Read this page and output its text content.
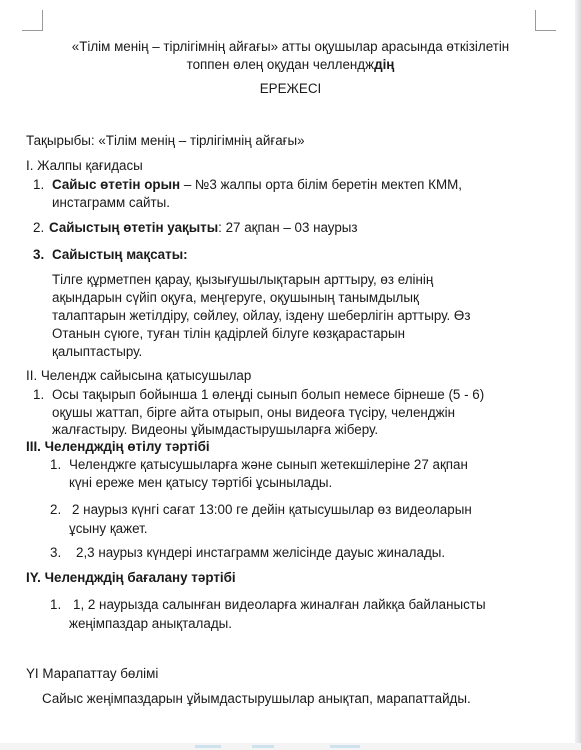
«Тілім менің – тірлігімнің айғағы» атты оқушылар арасында өткізілетін
топпен өлең оқудан челлендждің
ЕРЕЖЕСІ
Тақырыбы: «Тілім менің – тірлігімнің айғағы»
I. Жалпы қағидасы
1. Сайыс өтетін орын – №3 жалпы орта білім беретін мектеп КММ,
инстаграмм сайты.
2. Сайыстың өтетін уақыты: 27 ақпан – 03 наурыз
3. Сайыстың мақсаты:
Тілге құрметпен қарау, қызығушылықтарын арттыру, өз елінің
ақындарын сүйіп оқуға, меңгеруге, оқушының танымдылық
талаптарын жетілдіру, сөйлеу, ойлау, іздену шеберлігін арттыру. Өз
Отанын сүюге, туған тілін қадірлей білуге көзқарастарын
қалыптастыру.
II. Челендж сайысына қатысушылар
1. Осы тақырып бойынша 1 өлеңді сынып болып немесе бірнеше (5 - 6)
оқушы жаттап, бірге айта отырып, оны видеоға түсіру, челенджін
жалғастыру. Видеоны ұйымдастырушыларға жіберу.
III. Челендждің өтілу тәртібі
1. Челенджге қатысушыларға және сынып жетекшілеріне 27 ақпан
күні ереже мен қатысу тәртібі ұсынылады.
2. 2 наурыз күнгі сағат 13:00 ге дейін қатысушылар өз видеоларын
ұсыну қажет.
3. 2,3 наурыз күндері инстаграмм желісінде дауыс жиналады.
IY. Челендждің бағалану тәртібі
1. 1, 2 наурызда салынған видеоларға жиналған лайкқа байланысты
жеңімпаздар анықталады.
YI Марапаттау бөлімі
Сайыс жеңімпаздарын ұйымдастырушылар анықтап, марапаттайды.
